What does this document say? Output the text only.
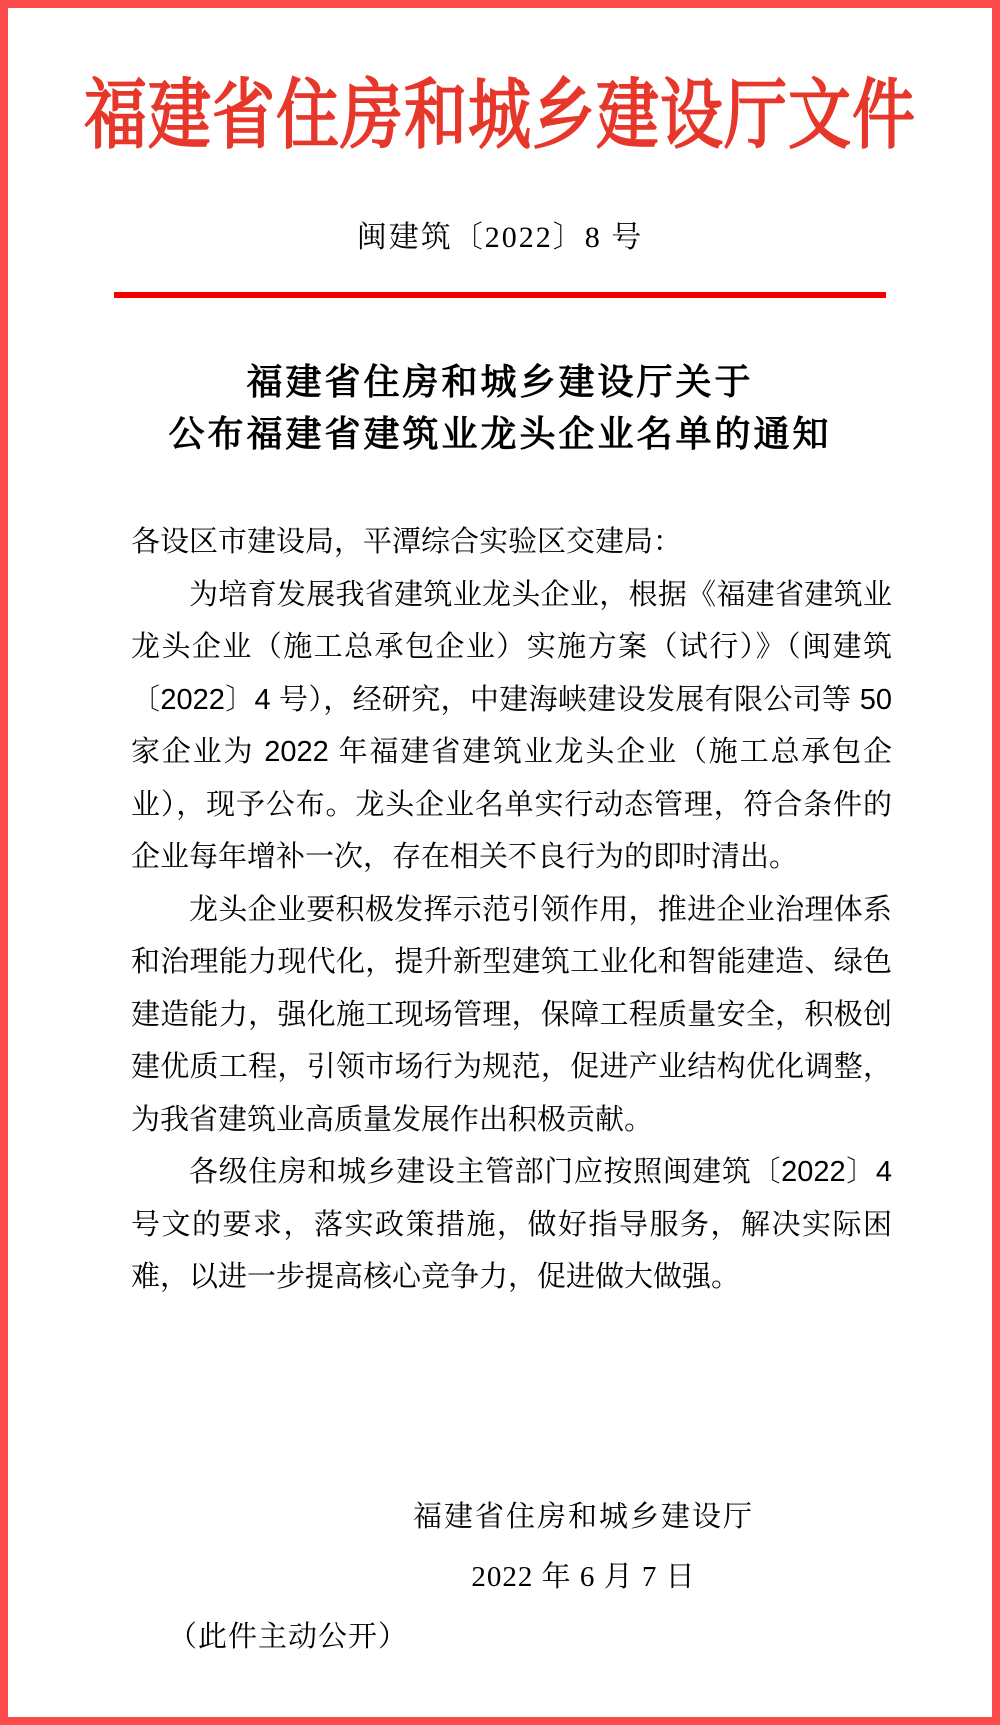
福建省住房和城乡建设厅文件
闽建筑〔2022〕8 号
福建省住房和城乡建设厅关于
公布福建省建筑业龙头企业名单的通知

各设区市建设局，平潭综合实验区交建局：

为培育发展我省建筑业龙头企业，根据《福建省建筑业龙头企业（施工总承包企业）实施方案（试行）》（闽建筑〔2022〕4 号），经研究，中建海峡建设发展有限公司等 50 家企业为 2022 年福建省建筑业龙头企业（施工总承包企业），现予公布。龙头企业名单实行动态管理，符合条件的企业每年增补一次，存在相关不良行为的即时清出。

龙头企业要积极发挥示范引领作用，推进企业治理体系和治理能力现代化，提升新型建筑工业化和智能建造、绿色建造能力，强化施工现场管理，保障工程质量安全，积极创建优质工程，引领市场行为规范，促进产业结构优化调整，为我省建筑业高质量发展作出积极贡献。

各级住房和城乡建设主管部门应按照闽建筑〔2022〕4 号文的要求，落实政策措施，做好指导服务，解决实际困难，以进一步提高核心竞争力，促进做大做强。

福建省住房和城乡建设厅
2022 年 6 月 7 日
（此件主动公开）
